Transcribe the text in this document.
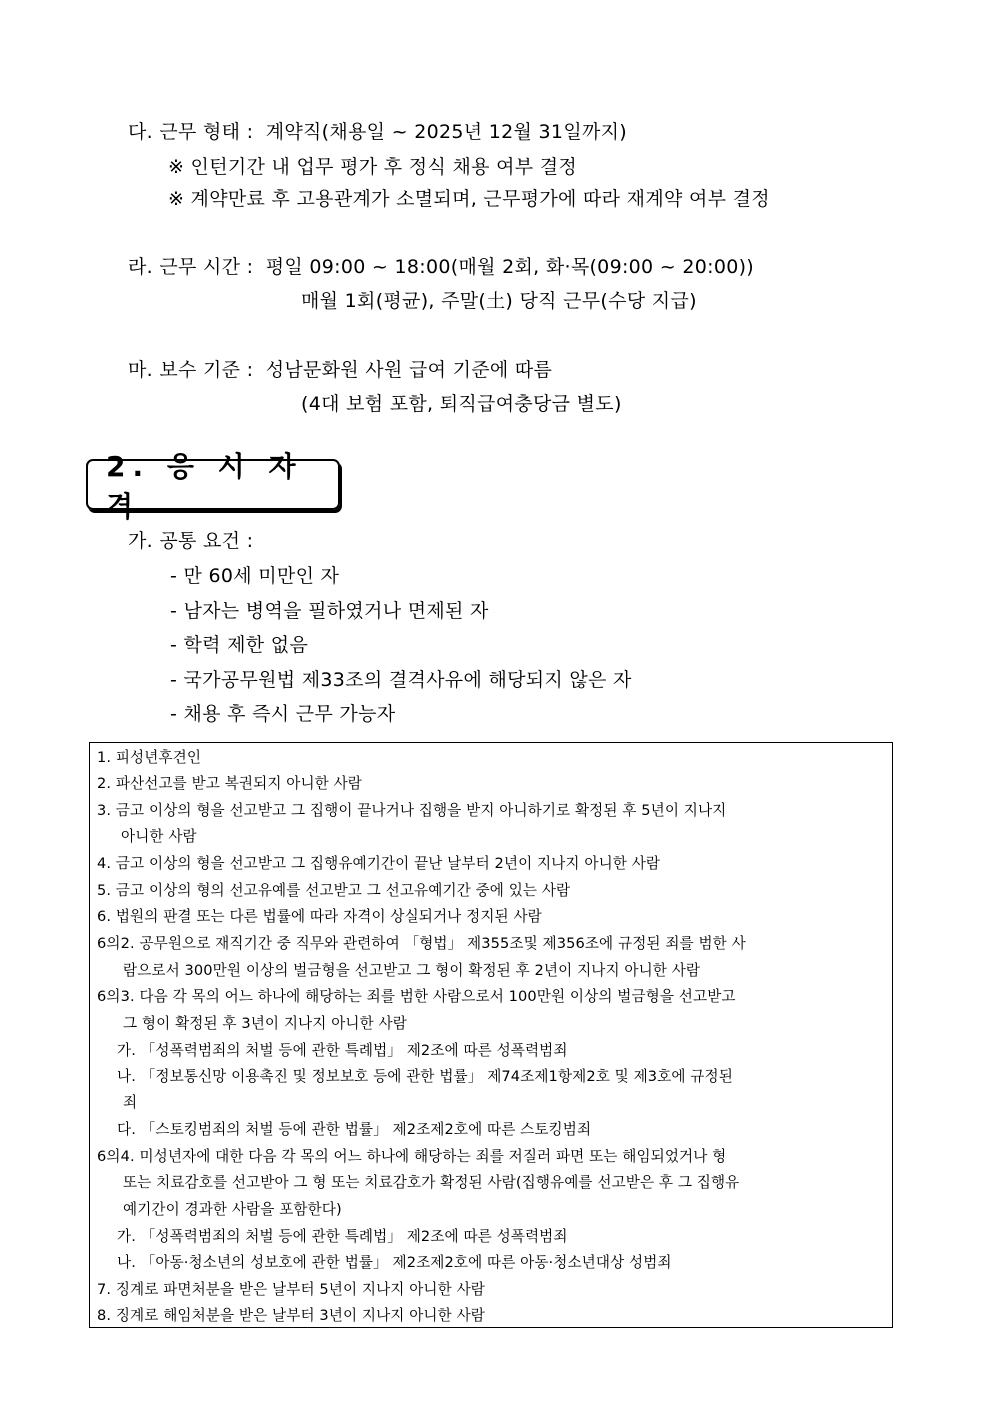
다. 근무 형태 : 계약직(채용일 ~ 2025년 12월 31일까지)
※ 인턴기간 내 업무 평가 후 정식 채용 여부 결정
※ 계약만료 후 고용관계가 소멸되며, 근무평가에 따라 재계약 여부 결정
라. 근무 시간 : 평일 09:00 ~ 18:00(매월 2회, 화·목(09:00 ~ 20:00))
매월 1회(평균), 주말(土) 당직 근무(수당 지급)
마. 보수 기준 : 성남문화원 사원 급여 기준에 따름
(4대 보험 포함, 퇴직급여충당금 별도)
2. 응 시 자 격
가. 공통 요건 :
- 만 60세 미만인 자
- 남자는 병역을 필하였거나 면제된 자
- 학력 제한 없음
- 국가공무원법 제33조의 결격사유에 해당되지 않은 자
- 채용 후 즉시 근무 가능자
1. 피성년후견인
2. 파산선고를 받고 복권되지 아니한 사람
3. 금고 이상의 형을 선고받고 그 집행이 끝나거나 집행을 받지 아니하기로 확정된 후 5년이 지나지
아니한 사람
4. 금고 이상의 형을 선고받고 그 집행유예기간이 끝난 날부터 2년이 지나지 아니한 사람
5. 금고 이상의 형의 선고유예를 선고받고 그 선고유예기간 중에 있는 사람
6. 법원의 판결 또는 다른 법률에 따라 자격이 상실되거나 정지된 사람
6의2. 공무원으로 재직기간 중 직무와 관련하여 「형법」 제355조및 제356조에 규정된 죄를 범한 사
람으로서 300만원 이상의 벌금형을 선고받고 그 형이 확정된 후 2년이 지나지 아니한 사람
6의3. 다음 각 목의 어느 하나에 해당하는 죄를 범한 사람으로서 100만원 이상의 벌금형을 선고받고
그 형이 확정된 후 3년이 지나지 아니한 사람
가. 「성폭력범죄의 처벌 등에 관한 특례법」 제2조에 따른 성폭력범죄
나. 「정보통신망 이용촉진 및 정보보호 등에 관한 법률」 제74조제1항제2호 및 제3호에 규정된
죄
다. 「스토킹범죄의 처벌 등에 관한 법률」 제2조제2호에 따른 스토킹범죄
6의4. 미성년자에 대한 다음 각 목의 어느 하나에 해당하는 죄를 저질러 파면 또는 해임되었거나 형
또는 치료감호를 선고받아 그 형 또는 치료감호가 확정된 사람(집행유예를 선고받은 후 그 집행유
예기간이 경과한 사람을 포함한다)
가. 「성폭력범죄의 처벌 등에 관한 특례법」 제2조에 따른 성폭력범죄
나. 「아동·청소년의 성보호에 관한 법률」 제2조제2호에 따른 아동·청소년대상 성범죄
7. 징계로 파면처분을 받은 날부터 5년이 지나지 아니한 사람
8. 징계로 해임처분을 받은 날부터 3년이 지나지 아니한 사람
